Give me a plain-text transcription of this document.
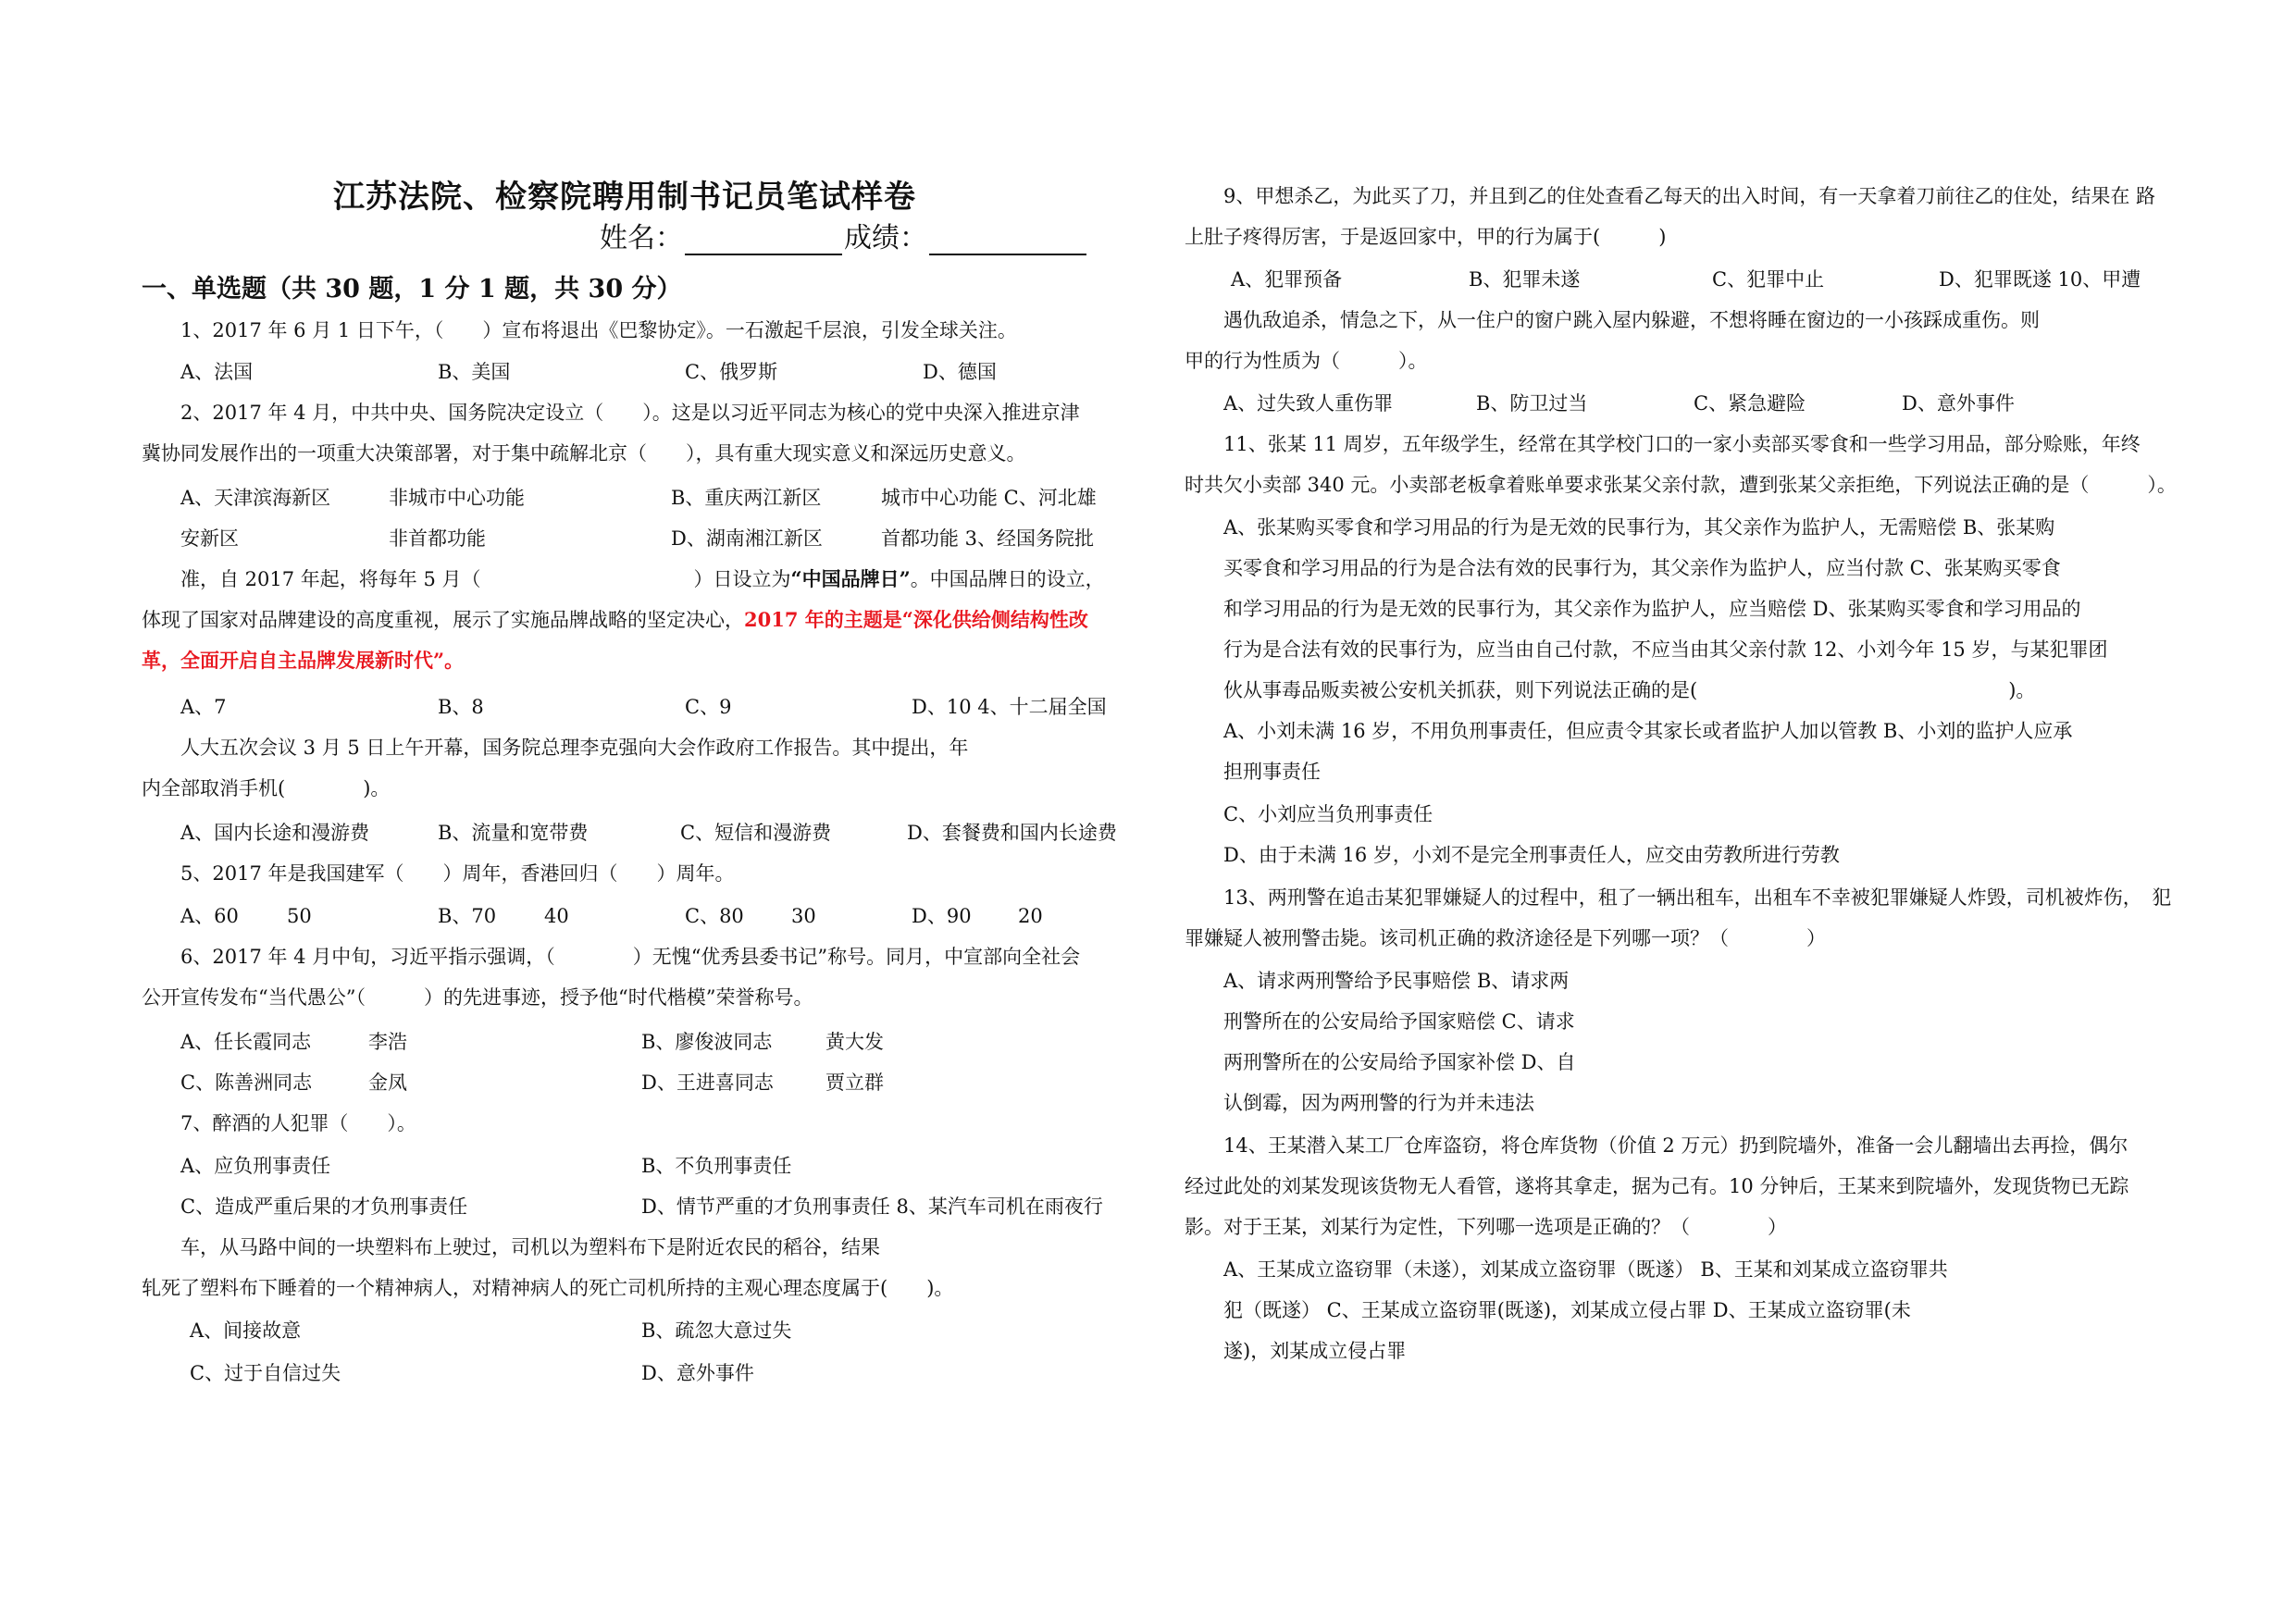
江苏法院、检察院聘用制书记员笔试样卷
姓名：	成绩：
一、单选题（共 30 题，1 分 1 题，共 30 分）
1、2017 年 6 月 1 日下午，（　　）宣布将退出《巴黎协定》。一石激起千层浪，引发全球关注。
A、法国	B、美国	C、俄罗斯	D、德国
2、2017 年 4 月，中共中央、国务院决定设立（　　）。这是以习近平同志为核心的党中央深入推进京津
冀协同发展作出的一项重大决策部署，对于集中疏解北京（　　），具有重大现实意义和深远历史意义。
A、天津滨海新区	非城市中心功能	B、重庆两江新区	城市中心功能 C、河北雄
安新区	非首都功能	D、湖南湘江新区	首都功能 3、经国务院批
准，自 2017 年起，将每年 5 月（	）日设立为“中国品牌日”。中国品牌日的设立，
体现了国家对品牌建设的高度重视，展示了实施品牌战略的坚定决心，2017 年的主题是“深化供给侧结构性改
革，全面开启自主品牌发展新时代”。
A、7	B、8	C、9	D、10 4、十二届全国
人大五次会议 3 月 5 日上午开幕，国务院总理李克强向大会作政府工作报告。其中提出，年
内全部取消手机(　　　　)。
A、国内长途和漫游费	B、流量和宽带费	C、短信和漫游费	D、套餐费和国内长途费
5、2017 年是我国建军（　　）周年，香港回归（　　）周年。
A、60 50	B、70 40	C、80 30	D、90 20
6、2017 年 4 月中旬，习近平指示强调，（　　　　）无愧“优秀县委书记”称号。同月，中宣部向全社会
公开宣传发布“当代愚公”（　　　）的先进事迹，授予他“时代楷模”荣誉称号。
A、任长霞同志	李浩	B、廖俊波同志	黄大发
C、陈善洲同志	金凤	D、王进喜同志	贾立群
7、醉酒的人犯罪（　　）。
A、应负刑事责任	B、不负刑事责任
C、造成严重后果的才负刑事责任	D、情节严重的才负刑事责任 8、某汽车司机在雨夜行
车，从马路中间的一块塑料布上驶过，司机以为塑料布下是附近农民的稻谷，结果
轧死了塑料布下睡着的一个精神病人，对精神病人的死亡司机所持的主观心理态度属于(　　)。
A、间接故意	B、疏忽大意过失
C、过于自信过失	D、意外事件
9、甲想杀乙，为此买了刀，并且到乙的住处查看乙每天的出入时间，有一天拿着刀前往乙的住处，结果在 路
上肚子疼得厉害，于是返回家中，甲的行为属于(　　　)
A、犯罪预备	B、犯罪未遂	C、犯罪中止	D、犯罪既遂 10、甲遭
遇仇敌追杀，情急之下，从一住户的窗户跳入屋内躲避，不想将睡在窗边的一小孩踩成重伤。则
甲的行为性质为（　　　）。
A、过失致人重伤罪	B、防卫过当	C、紧急避险	D、意外事件
11、张某 11 周岁，五年级学生，经常在其学校门口的一家小卖部买零食和一些学习用品，部分赊账，年终
时共欠小卖部 340 元。小卖部老板拿着账单要求张某父亲付款，遭到张某父亲拒绝，下列说法正确的是（　　　）。
A、张某购买零食和学习用品的行为是无效的民事行为，其父亲作为监护人，无需赔偿 B、张某购
买零食和学习用品的行为是合法有效的民事行为，其父亲作为监护人，应当付款 C、张某购买零食
和学习用品的行为是无效的民事行为，其父亲作为监护人，应当赔偿 D、张某购买零食和学习用品的
行为是合法有效的民事行为，应当由自己付款，不应当由其父亲付款 12、小刘今年 15 岁，与某犯罪团
伙从事毒品贩卖被公安机关抓获，则下列说法正确的是(　　　　　　　　　　　　　　　　)。
A、小刘未满 16 岁，不用负刑事责任，但应责令其家长或者监护人加以管教 B、小刘的监护人应承
担刑事责任
C、小刘应当负刑事责任
D、由于未满 16 岁，小刘不是完全刑事责任人，应交由劳教所进行劳教
13、两刑警在追击某犯罪嫌疑人的过程中，租了一辆出租车，出租车不幸被犯罪嫌疑人炸毁，司机被炸伤，　犯
罪嫌疑人被刑警击毙。该司机正确的救济途径是下列哪一项？（　　　　）
A、请求两刑警给予民事赔偿 B、请求两
刑警所在的公安局给予国家赔偿 C、请求
两刑警所在的公安局给予国家补偿 D、自
认倒霉，因为两刑警的行为并未违法
14、王某潜入某工厂仓库盗窃，将仓库货物（价值 2 万元）扔到院墙外，准备一会儿翻墙出去再捡，偶尔
经过此处的刘某发现该货物无人看管，遂将其拿走，据为己有。10 分钟后，王某来到院墙外，发现货物已无踪
影。对于王某，刘某行为定性，下列哪一选项是正确的？（　　　　）
A、王某成立盗窃罪（未遂），刘某成立盗窃罪（既遂） B、王某和刘某成立盗窃罪共
犯（既遂） C、王某成立盗窃罪(既遂)，刘某成立侵占罪 D、王某成立盗窃罪(未
遂)，刘某成立侵占罪
